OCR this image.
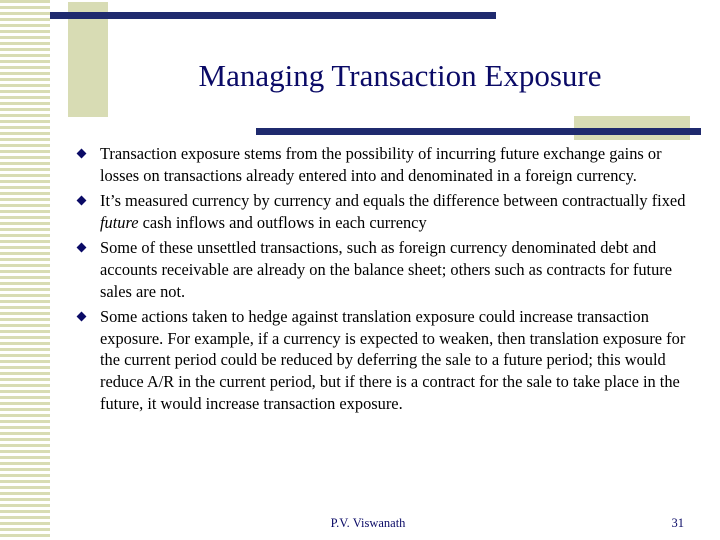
Managing Transaction Exposure
Transaction exposure stems from the possibility of incurring future exchange gains or losses on transactions already entered into and denominated in a foreign currency.
It’s measured currency by currency and equals the difference between contractually fixed future cash inflows and outflows in each currency
Some of these unsettled transactions, such as foreign currency denominated debt and accounts receivable are already on the balance sheet; others such as contracts for future sales are not.
Some actions taken to hedge against translation exposure could increase transaction exposure. For example, if a currency is expected to weaken, then translation exposure for the current period could be reduced by deferring the sale to a future period; this would reduce A/R in the current period, but if there is a contract for the sale to take place in the future, it would increase transaction exposure.
P.V. Viswanath	31
